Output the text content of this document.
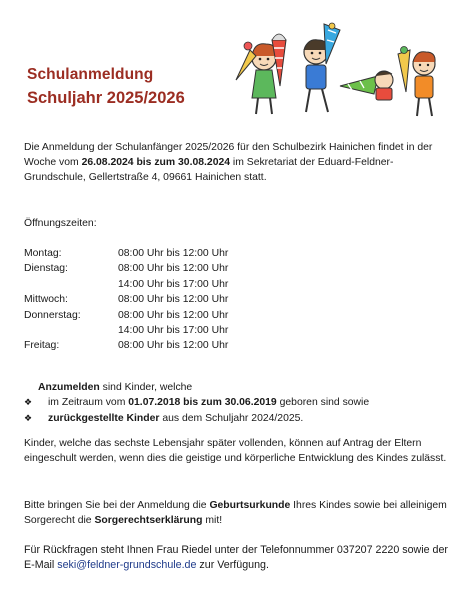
Schulanmeldung
Schuljahr 2025/2026

Die Anmeldung der Schulanfänger 2025/2026 für den Schulbezirk Hainichen findet in der Woche vom 26.08.2024 bis zum 30.08.2024 im Sekretariat der Eduard-Feldner-Grundschule, Gellertstraße 4, 09661 Hainichen statt.

Öffnungszeiten:

Montag:	08:00 Uhr bis 12:00 Uhr
Dienstag:	08:00 Uhr bis 12:00 Uhr
14:00 Uhr bis 17:00 Uhr
Mittwoch:	08:00 Uhr bis 12:00 Uhr
Donnerstag:	08:00 Uhr bis 12:00 Uhr
14:00 Uhr bis 17:00 Uhr
Freitag:	08:00 Uhr bis 12:00 Uhr

Anzumelden sind Kinder, welche

❖	im Zeitraum vom 01.07.2018 bis zum 30.06.2019 geboren sind sowie
❖	zurückgestellte Kinder aus dem Schuljahr 2024/2025.

Kinder, welche das sechste Lebensjahr später vollenden, können auf Antrag der Eltern eingeschult werden, wenn dies die geistige und körperliche Entwicklung des Kindes zulässt.

Bitte bringen Sie bei der Anmeldung die Geburtsurkunde Ihres Kindes sowie bei alleinigem Sorgerecht die Sorgerechtserklärung mit!

Für Rückfragen steht Ihnen Frau Riedel unter der Telefonnummer 037207 2220 sowie der E-Mail seki@feldner-grundschule.de zur Verfügung.
